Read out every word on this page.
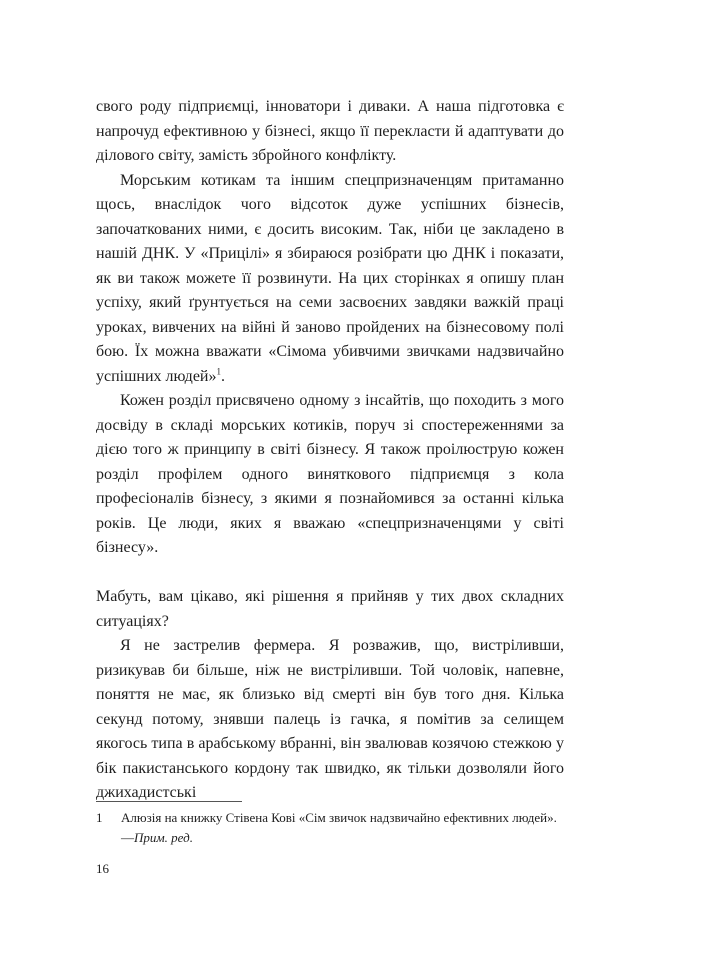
свого роду підприємці, інноватори і диваки. А наша підготовка є напрочуд ефективною у бізнесі, якщо її перекласти й адаптувати до ділового світу, замість збройного конфлікту.

Морським котикам та іншим спецпризначенцям притаманно щось, внаслідок чого відсоток дуже успішних бізнесів, започаткованих ними, є досить високим. Так, ніби це закладено в нашій ДНК. У «Прицілі» я збираюся розібрати цю ДНК і показати, як ви також можете її розвинути. На цих сторінках я опишу план успіху, який ґрунтується на семи засвоєних завдяки важкій праці уроках, вивчених на війні й заново пройдених на бізнесовому полі бою. Їх можна вважати «Сімома убивчими звичками надзвичайно успішних людей»$^1$.

Кожен розділ присвячено одному з інсайтів, що походить з мого досвіду в складі морських котиків, поруч зі спостереженнями за дією того ж принципу в світі бізнесу. Я також проілюструю кожен розділ профілем одного виняткового підприємця з кола професіоналів бізнесу, з якими я познайомився за останні кілька років. Це люди, яких я вважаю «спецпризначенцями у світі бізнесу».

Мабуть, вам цікаво, які рішення я прийняв у тих двох складних ситуаціях?

Я не застрелив фермера. Я розважив, що, вистріливши, ризикував би більше, ніж не вистріливши. Той чоловік, напевне, поняття не має, як близько від смерті він був того дня. Кілька секунд потому, знявши палець із гачка, я помітив за селищем якогось типа в арабському вбранні, він звалював козячою стежкою у бік пакистанського кордону так швидко, як тільки дозволяли його джихадистські

1 Алюзія на книжку Стівена Кові «Сім звичок надзвичайно ефективних людей».—Прим. ред.
16
